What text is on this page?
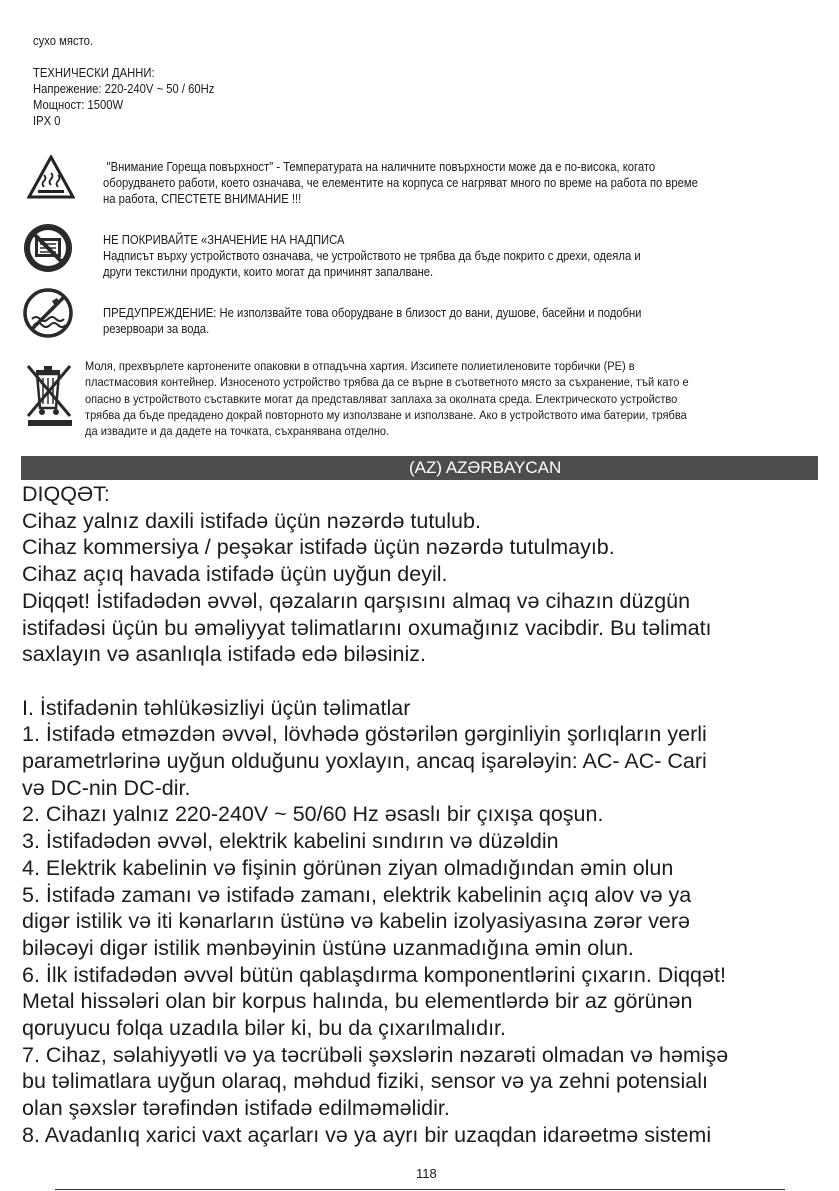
сухо място.
ТЕХНИЧЕСКИ ДАННИ:
Напрежение: 220-240V ~ 50 / 60Hz
Мощност: 1500W
IPX 0
"Внимание Гореща повърхност" - Температурата на наличните повърхности може да е по-висока, когато
оборудването работи, което означава, че елементите на корпуса се нагряват много по време на работа по време
на работа, СПЕСТЕТЕ ВНИМАНИЕ !!!
НЕ ПОКРИВАЙТЕ «ЗНАЧЕНИЕ НА НАДПИСА
Надписът върху устройството означава, че устройството не трябва да бъде покрито с дрехи, одеяла и
други текстилни продукти, които могат да причинят запалване.
ПРЕДУПРЕЖДЕНИЕ: Не използвайте това оборудване в близост до вани, душове, басейни и подобни
резервоари за вода.
Моля, прехвърлете картонените опаковки в отпадъчна хартия. Изсипете полиетиленовите торбички (PE) в
пластмасовия контейнер. Износеното устройство трябва да се върне в съответното място за съхранение, тъй като е
опасно в устройството съставките могат да представляват заплаха за околната среда. Електрическото устройство
трябва да бъде предадено докрай повторното му използване и използване. Ако в устройството има батерии, трябва
да извадите и да дадете на точката, съхранявана отделно.
(AZ) AZƏRBAYCAN
DIQQƏT:
Cihaz yalnız daxili istifadə üçün nəzərdə tutulub.
Cihaz kommersiya / peşəkar istifadə üçün nəzərdə tutulmayıb.
Cihaz açıq havada istifadə üçün uyğun deyil.
Diqqət! İstifadədən əvvəl, qəzaların qarşısını almaq və cihazın düzgün
istifadəsi üçün bu əməliyyat təlimatlarını oxumağınız vacibdir. Bu təlimatı
saxlayın və asanlıqla istifadə edə biləsiniz.
I. İstifadənin təhlükəsizliyi üçün təlimatlar
1. İstifadə etməzdən əvvəl, lövhədə göstərilən gərginliyin şorlıqların yerli
parametrlərinə uyğun olduğunu yoxlayın, ancaq işarələyin: AC- AC- Cari
və DC-nin DC-dir.
2. Cihazı yalnız 220-240V ~ 50/60 Hz əsaslı bir çıxışa qoşun.
3. İstifadədən əvvəl, elektrik kabelini sındırın və düzəldin
4. Elektrik kabelinin və fişinin görünən ziyan olmadığından əmin olun
5. İstifadə zamanı və istifadə zamanı, elektrik kabelinin açıq alov və ya
digər istilik və iti kənarların üstünə və kabelin izolyasiyasına zərər verə
biləcəyi digər istilik mənbəyinin üstünə uzanmadığına əmin olun.
6. İlk istifadədən əvvəl bütün qablaşdırma komponentlərini çıxarın. Diqqət!
Metal hissələri olan bir korpus halında, bu elementlərdə bir az görünən
qoruyucu folqa uzadıla bilər ki, bu da çıxarılmalıdır.
7. Cihaz, səlahiyyətli və ya təcrübəli şəxslərin nəzarəti olmadan və həmişə
bu təlimatlara uyğun olaraq, məhdud fiziki, sensor və ya zehni potensialı
olan şəxslər tərəfindən istifadə edilməməlidir.
8. Avadanlıq xarici vaxt açarları və ya ayrı bir uzaqdan idarəetmə sistemi
118
